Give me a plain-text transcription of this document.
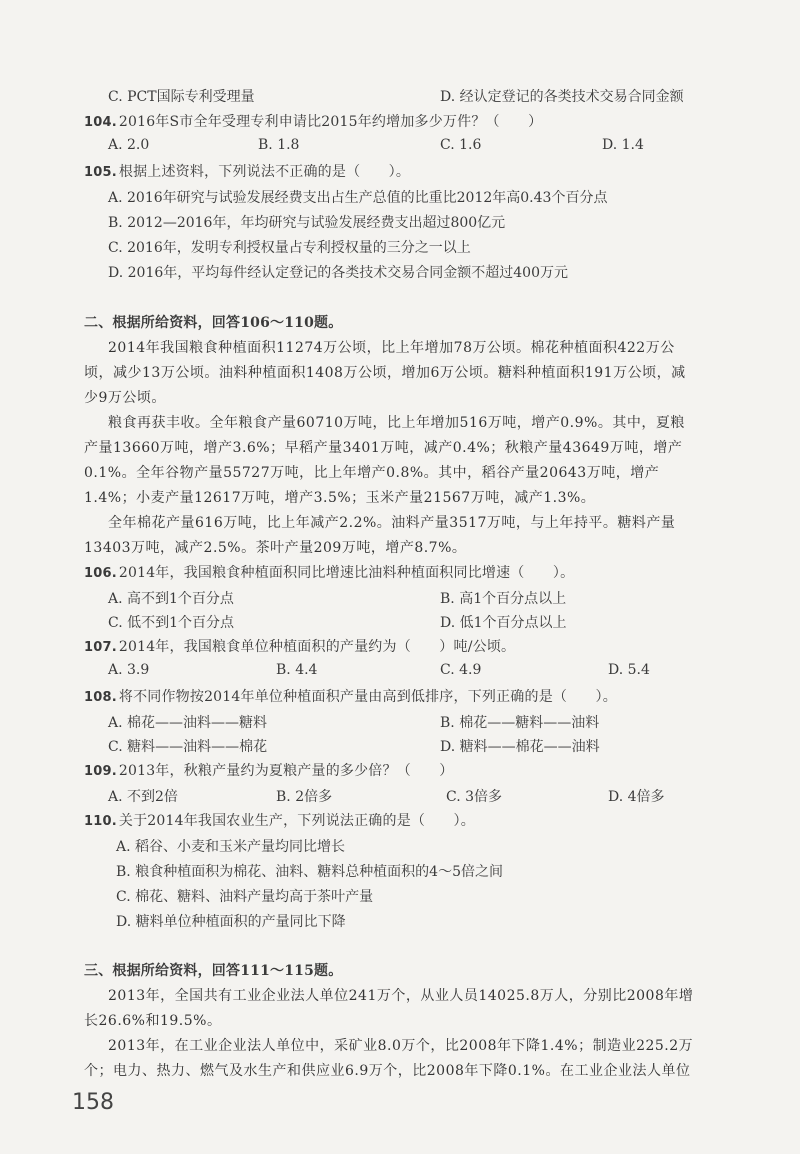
C. PCT国际专利受理量	D. 经认定登记的各类技术交易合同金额
104. 2016年S市全年受理专利申请比2015年约增加多少万件？（　　）
A. 2.0	B. 1.8	C. 1.6	D. 1.4
105. 根据上述资料，下列说法不正确的是（　　）。
A. 2016年研究与试验发展经费支出占生产总值的比重比2012年高0.43个百分点
B. 2012—2016年，年均研究与试验发展经费支出超过800亿元
C. 2016年，发明专利授权量占专利授权量的三分之一以上
D. 2016年，平均每件经认定登记的各类技术交易合同金额不超过400万元
二、根据所给资料，回答106～110题。
2014年我国粮食种植面积11274万公顷，比上年增加78万公顷。棉花种植面积422万公
顷，减少13万公顷。油料种植面积1408万公顷，增加6万公顷。糖料种植面积191万公顷，减
少9万公顷。
粮食再获丰收。全年粮食产量60710万吨，比上年增加516万吨，增产0.9%。其中，夏粮
产量13660万吨，增产3.6%；早稻产量3401万吨，减产0.4%；秋粮产量43649万吨，增产
0.1%。全年谷物产量55727万吨，比上年增产0.8%。其中，稻谷产量20643万吨，增产
1.4%；小麦产量12617万吨，增产3.5%；玉米产量21567万吨，减产1.3%。
全年棉花产量616万吨，比上年减产2.2%。油料产量3517万吨，与上年持平。糖料产量
13403万吨，减产2.5%。茶叶产量209万吨，增产8.7%。
106. 2014年，我国粮食种植面积同比增速比油料种植面积同比增速（　　）。
A. 高不到1个百分点	B. 高1个百分点以上
C. 低不到1个百分点	D. 低1个百分点以上
107. 2014年，我国粮食单位种植面积的产量约为（　　）吨/公顷。
A. 3.9	B. 4.4	C. 4.9	D. 5.4
108. 将不同作物按2014年单位种植面积产量由高到低排序，下列正确的是（　　）。
A. 棉花——油料——糖料	B. 棉花——糖料——油料
C. 糖料——油料——棉花	D. 糖料——棉花——油料
109. 2013年，秋粮产量约为夏粮产量的多少倍？（　　）
A. 不到2倍	B. 2倍多	C. 3倍多	D. 4倍多
110. 关于2014年我国农业生产，下列说法正确的是（　　）。
A. 稻谷、小麦和玉米产量均同比增长
B. 粮食种植面积为棉花、油料、糖料总种植面积的4～5倍之间
C. 棉花、糖料、油料产量均高于茶叶产量
D. 糖料单位种植面积的产量同比下降
三、根据所给资料，回答111～115题。
2013年，全国共有工业企业法人单位241万个，从业人员14025.8万人，分别比2008年增
长26.6%和19.5%。
2013年，在工业企业法人单位中，采矿业8.0万个，比2008年下降1.4%；制造业225.2万
个；电力、热力、燃气及水生产和供应业6.9万个，比2008年下降0.1%。在工业企业法人单位
158
